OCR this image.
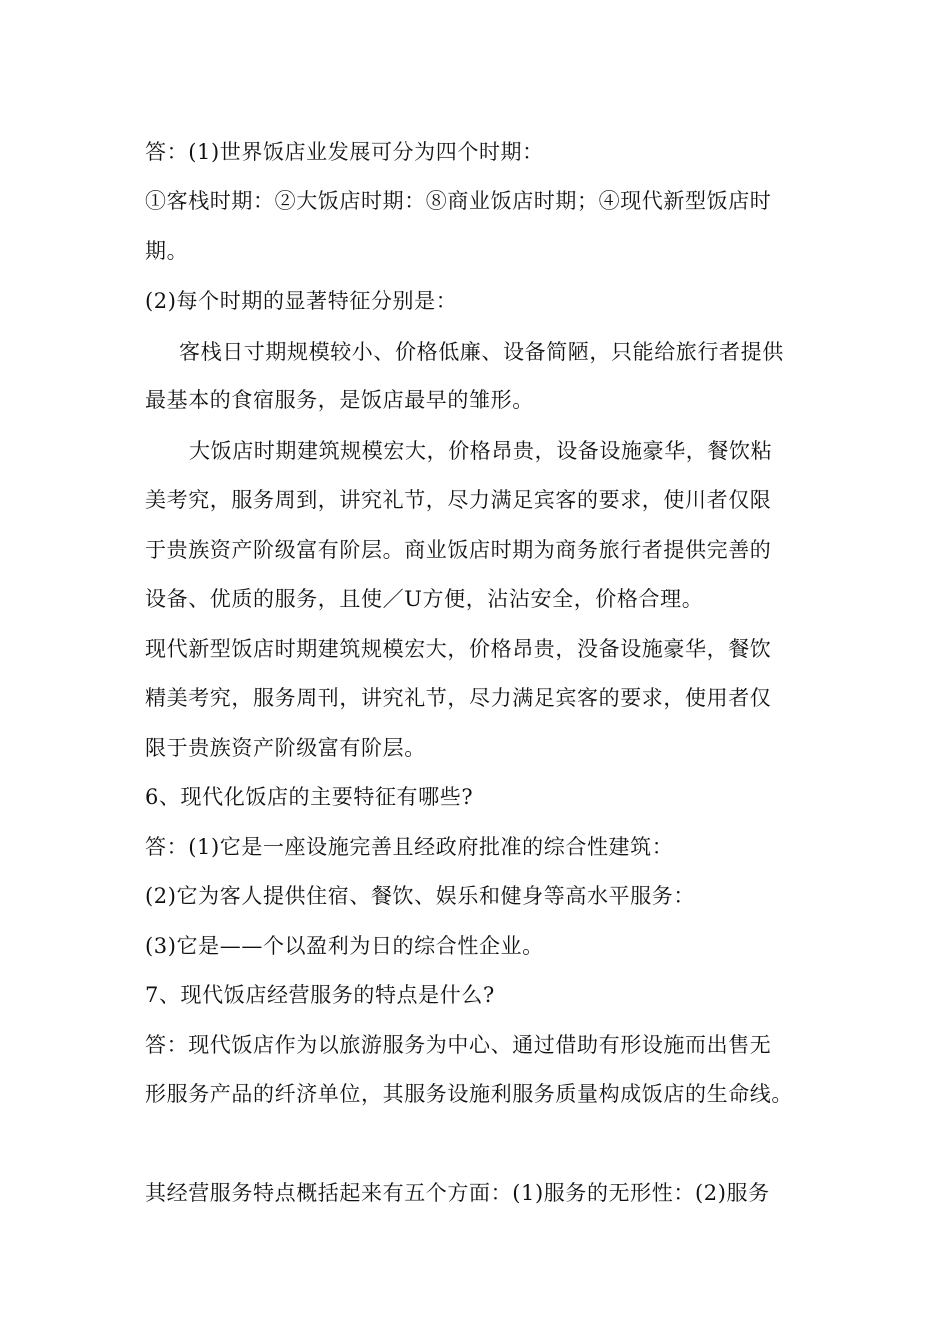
答：(1)世界饭店业发展可分为四个时期：
①客栈时期：②大饭店时期：⑧商业饭店时期；④现代新型饭店时
期。
(2)每个时期的显著特征分别是：
客栈日寸期规模较小、价格低廉、设备简陋，只能给旅行者提供
最基本的食宿服务，是饭店最早的雏形。
大饭店时期建筑规模宏大，价格昂贵，设备设施豪华，餐饮粘
美考究，服务周到，讲究礼节，尽力满足宾客的要求，使川者仅限
于贵族资产阶级富有阶层。商业饭店时期为商务旅行者提供完善的
设备、优质的服务，且使／U方便，沾沾安全，价格合理。
现代新型饭店时期建筑规模宏大，价格昂贵，没备设施豪华，餐饮
精美考究，服务周刊，讲究礼节，尽力满足宾客的要求，使用者仅
限于贵族资产阶级富有阶层。
6、现代化饭店的主要特征有哪些?
答：(1)它是一座设施完善且经政府批准的综合性建筑：
(2)它为客人提供住宿、餐饮、娱乐和健身等高水平服务：
(3)它是——个以盈利为日的综合性企业。
7、现代饭店经营服务的特点是什么?
答：现代饭店作为以旅游服务为中心、通过借助有形设施而出售无
形服务产品的纤济单位，其服务设施利服务质量构成饭店的生命线。
其经营服务特点概括起来有五个方面：(1)服务的无形性：(2)服务
